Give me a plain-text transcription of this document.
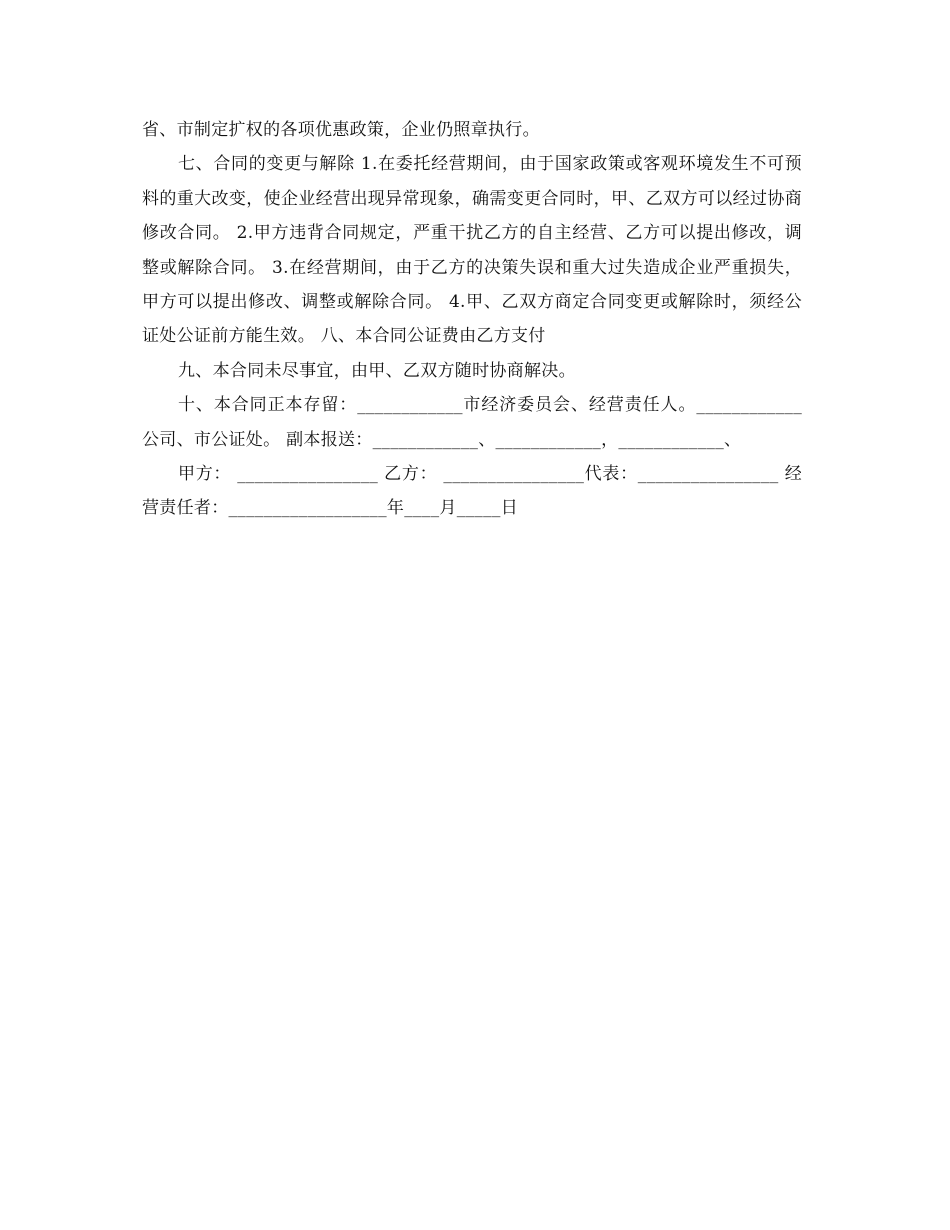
省、市制定扩权的各项优惠政策，企业仍照章执行。

七、合同的变更与解除 1.在委托经营期间，由于国家政策或客观环境发生不可预料的重大改变，使企业经营出现异常现象，确需变更合同时，甲、乙双方可以经过协商修改合同。 2.甲方违背合同规定，严重干扰乙方的自主经营、乙方可以提出修改，调整或解除合同。 3.在经营期间，由于乙方的决策失误和重大过失造成企业严重损失，甲方可以提出修改、调整或解除合同。 4.甲、乙双方商定合同变更或解除时，须经公证处公证前方能生效。 八、本合同公证费由乙方支付

九、本合同未尽事宜，由甲、乙双方随时协商解决。

十、本合同正本存留：____________市经济委员会、经营责任人。____________公司、市公证处。 副本报送：____________、____________，____________、

甲方： ________________ 乙方： ________________代表：________________ 经营责任者：__________________年____月_____日
